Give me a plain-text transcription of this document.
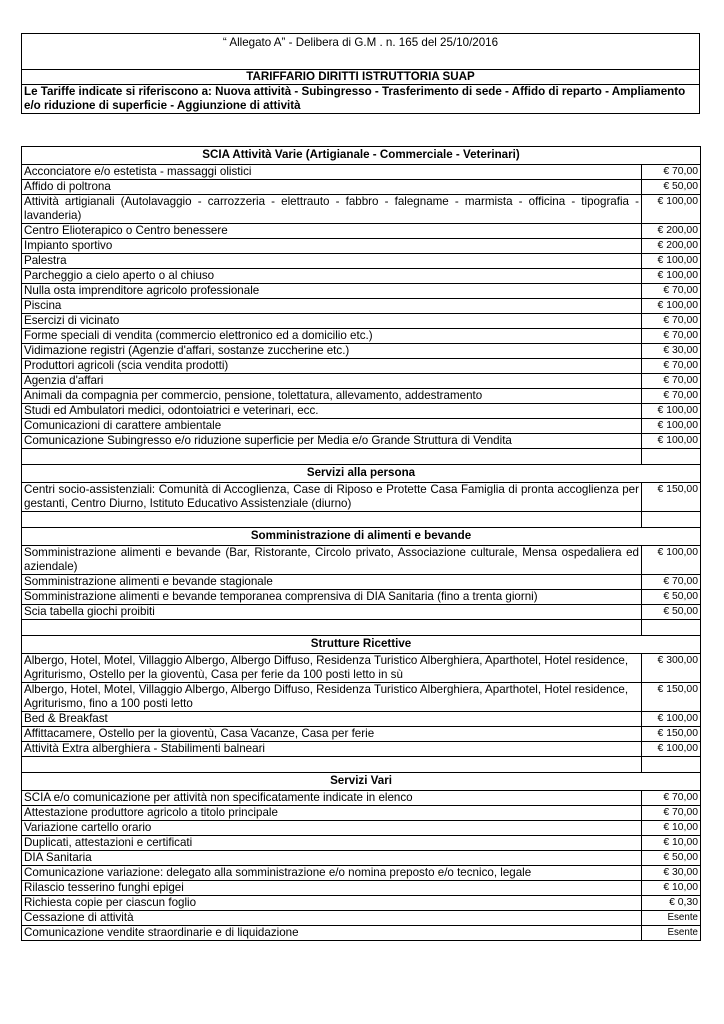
“ Allegato A” - Delibera di G.M . n. 165 del 25/10/2016
TARIFFARIO DIRITTI ISTRUTTORIA SUAP
Le Tariffe indicate si riferiscono a: Nuova attività - Subingresso - Trasferimento di sede - Affido di reparto - Ampliamento e/o riduzione di superficie - Aggiunzione di attività
SCIA Attività Varie (Artigianale - Commerciale - Veterinari)	
Acconciatore e/o estetista - massaggi olistici	€ 70,00
Affido di poltrona	€ 50,00
Attività artigianali (Autolavaggio - carrozzeria - elettrauto - fabbro - falegname - marmista - officina - tipografia - lavanderia)	€ 100,00
Centro Elioterapico o Centro benessere	€ 200,00
Impianto sportivo	€ 200,00
Palestra	€ 100,00
Parcheggio a cielo aperto o al chiuso	€ 100,00
Nulla osta imprenditore agricolo professionale	€ 70,00
Piscina	€ 100,00
Esercizi di vicinato	€ 70,00
Forme speciali di vendita (commercio elettronico ed a domicilio etc.)	€ 70,00
Vidimazione registri (Agenzie d'affari, sostanze zuccherine etc.)	€ 30,00
Produttori agricoli (scia vendita prodotti)	€ 70,00
Agenzia d'affari	€ 70,00
Animali da compagnia per commercio, pensione, tolettatura, allevamento, addestramento	€ 70,00
Studi ed Ambulatori medici, odontoiatrici e veterinari, ecc.	€ 100,00
Comunicazioni di carattere ambientale	€ 100,00
Comunicazione Subingresso e/o riduzione superficie per Media e/o Grande Struttura di Vendita	€ 100,00

Servizi alla persona	
Centri socio-assistenziali: Comunità di Accoglienza, Case di Riposo e Protette Casa Famiglia di pronta accoglienza per gestanti, Centro Diurno, Istituto Educativo Assistenziale (diurno)	€ 150,00

Somministrazione di alimenti e bevande	
Somministrazione alimenti e bevande (Bar, Ristorante, Circolo privato, Associazione culturale, Mensa ospedaliera ed aziendale)	€ 100,00
Somministrazione alimenti e bevande stagionale	€ 70,00
Somministrazione alimenti e bevande temporanea comprensiva di DIA Sanitaria (fino a trenta giorni)	€ 50,00
Scia tabella giochi proibiti	€ 50,00

Strutture Ricettive	
Albergo, Hotel, Motel, Villaggio Albergo, Albergo Diffuso, Residenza Turistico Alberghiera, Aparthotel, Hotel residence, Agriturismo, Ostello per la gioventù, Casa per ferie da 100 posti letto in sù	€ 300,00
Albergo, Hotel, Motel, Villaggio Albergo, Albergo Diffuso, Residenza Turistico Alberghiera, Aparthotel, Hotel residence, Agriturismo, fino a 100 posti letto	€ 150,00
Bed & Breakfast	€ 100,00
Affittacamere, Ostello per la gioventù, Casa Vacanze, Casa per ferie	€ 150,00
Attività Extra alberghiera - Stabilimenti balneari	€ 100,00

Servizi Vari	
SCIA e/o comunicazione per attività non specificatamente indicate in elenco	€ 70,00
Attestazione produttore agricolo a titolo principale	€ 70,00
Variazione cartello orario	€ 10,00
Duplicati, attestazioni e certificati	€ 10,00
DIA Sanitaria	€ 50,00
Comunicazione variazione: delegato alla somministrazione e/o nomina preposto e/o tecnico, legale	€ 30,00
Rilascio tesserino funghi epigei	€ 10,00
Richiesta copie per ciascun foglio	€ 0,30
Cessazione di attività	Esente
Comunicazione vendite straordinarie e di liquidazione	Esente
